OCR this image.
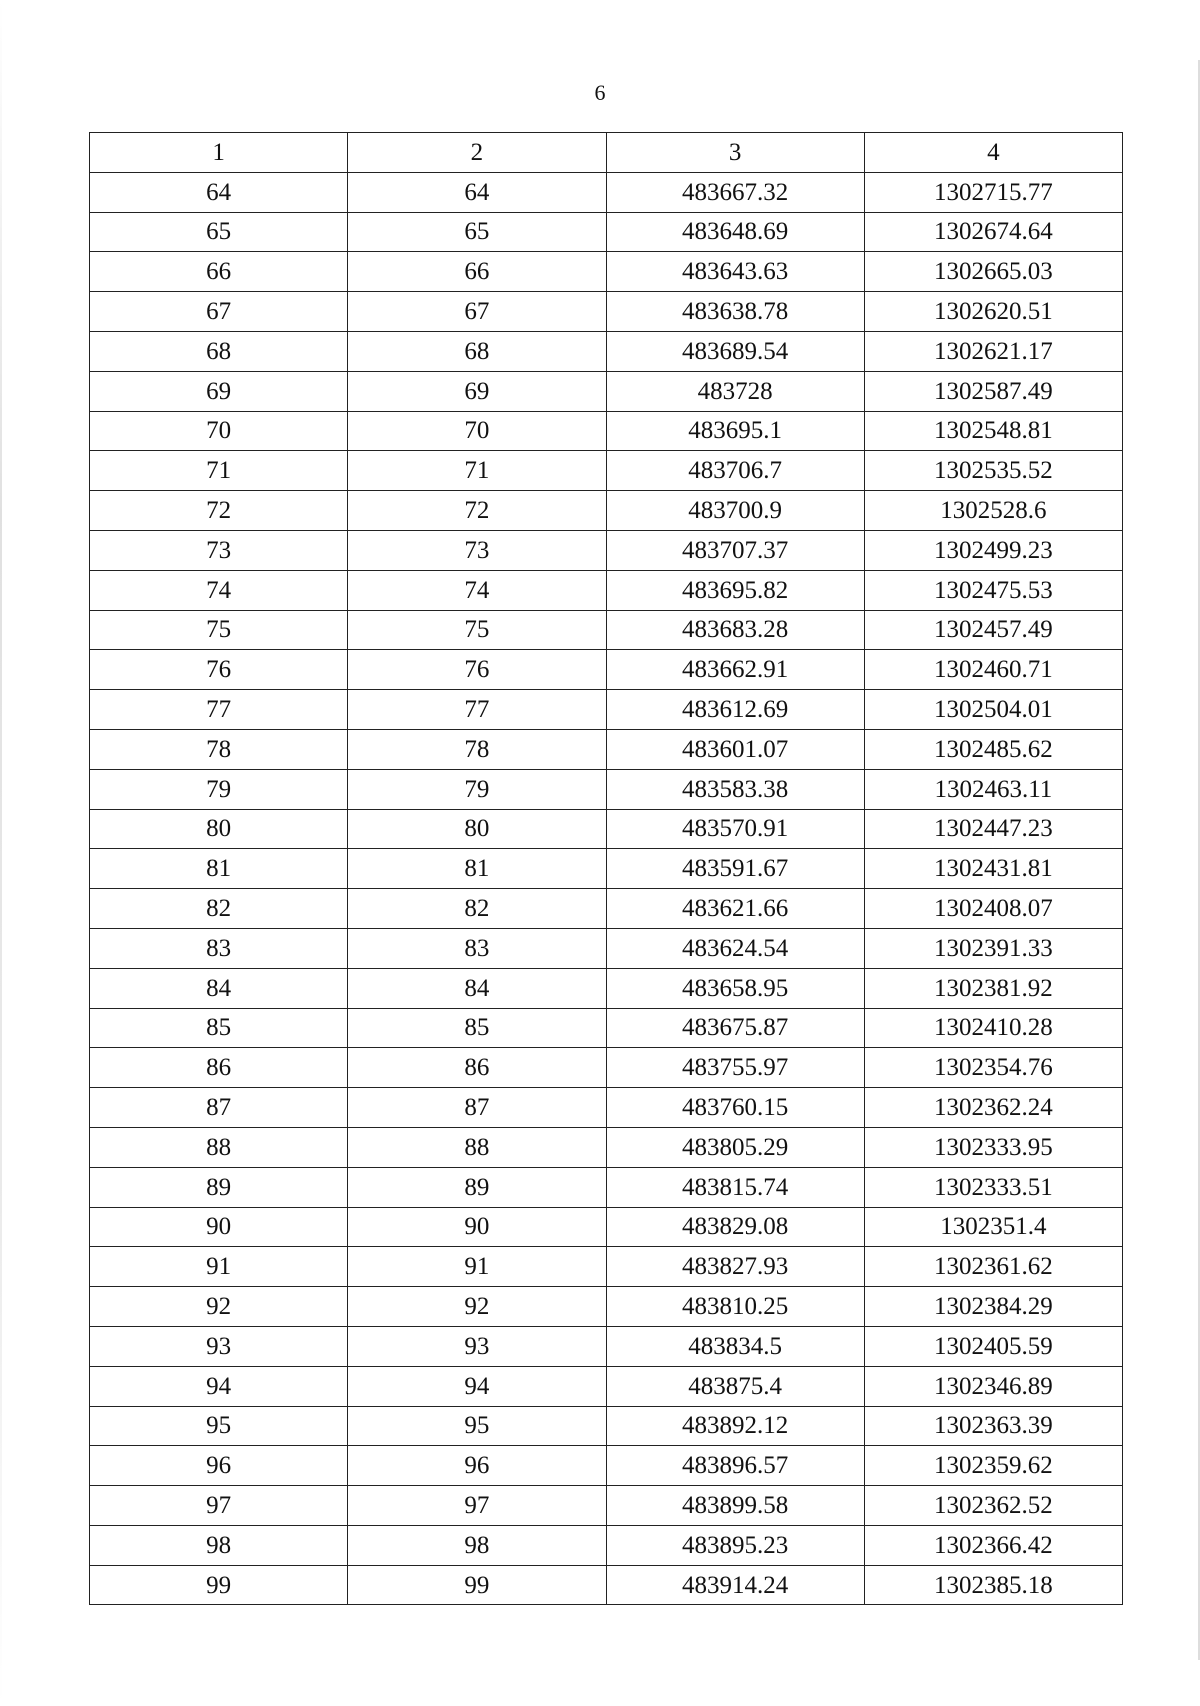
6
1	2	3	4
64	64	483667.32	1302715.77
65	65	483648.69	1302674.64
66	66	483643.63	1302665.03
67	67	483638.78	1302620.51
68	68	483689.54	1302621.17
69	69	483728	1302587.49
70	70	483695.1	1302548.81
71	71	483706.7	1302535.52
72	72	483700.9	1302528.6
73	73	483707.37	1302499.23
74	74	483695.82	1302475.53
75	75	483683.28	1302457.49
76	76	483662.91	1302460.71
77	77	483612.69	1302504.01
78	78	483601.07	1302485.62
79	79	483583.38	1302463.11
80	80	483570.91	1302447.23
81	81	483591.67	1302431.81
82	82	483621.66	1302408.07
83	83	483624.54	1302391.33
84	84	483658.95	1302381.92
85	85	483675.87	1302410.28
86	86	483755.97	1302354.76
87	87	483760.15	1302362.24
88	88	483805.29	1302333.95
89	89	483815.74	1302333.51
90	90	483829.08	1302351.4
91	91	483827.93	1302361.62
92	92	483810.25	1302384.29
93	93	483834.5	1302405.59
94	94	483875.4	1302346.89
95	95	483892.12	1302363.39
96	96	483896.57	1302359.62
97	97	483899.58	1302362.52
98	98	483895.23	1302366.42
99	99	483914.24	1302385.18
